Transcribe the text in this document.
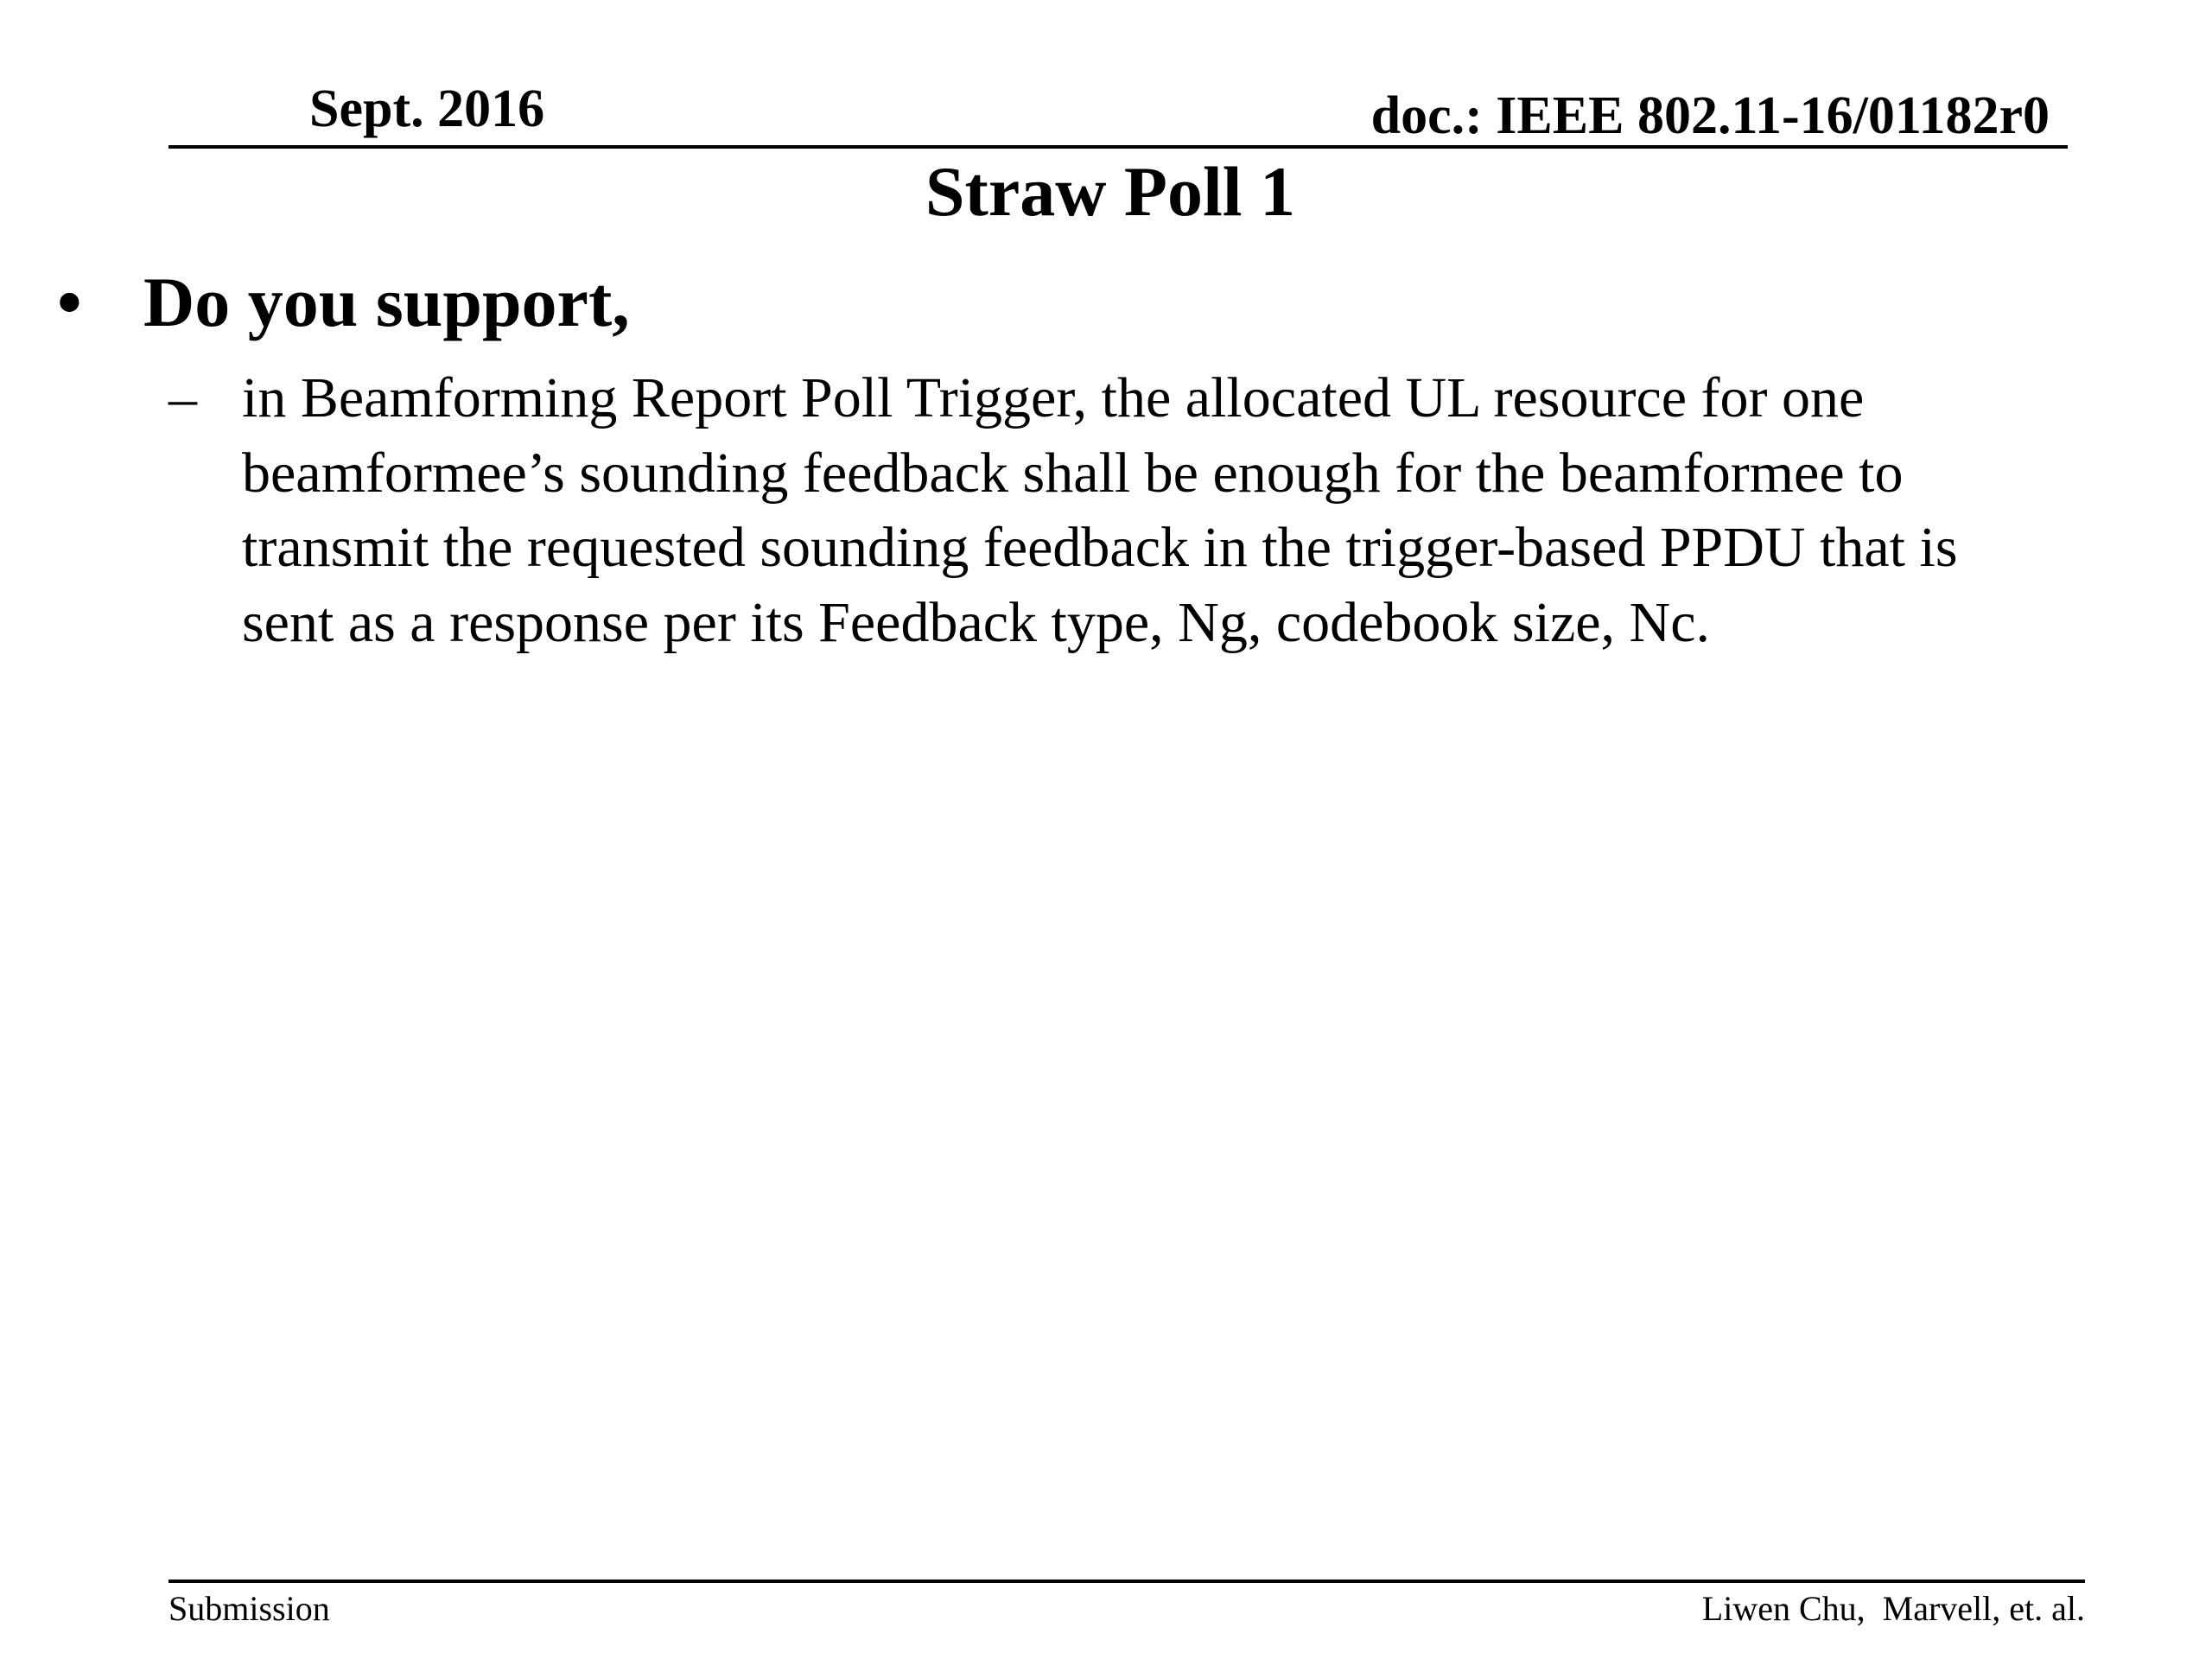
Sept. 2016	doc.: IEEE 802.11-16/01182r0
Straw Poll 1
• Do you support,
– in Beamforming Report Poll Trigger, the allocated UL resource for one
beamformee’s sounding feedback shall be enough for the beamformee to
transmit the requested sounding feedback in the trigger-based PPDU that is
sent as a response per its Feedback type, Ng, codebook size, Nc.
Submission	Liwen Chu,  Marvell, et. al.
